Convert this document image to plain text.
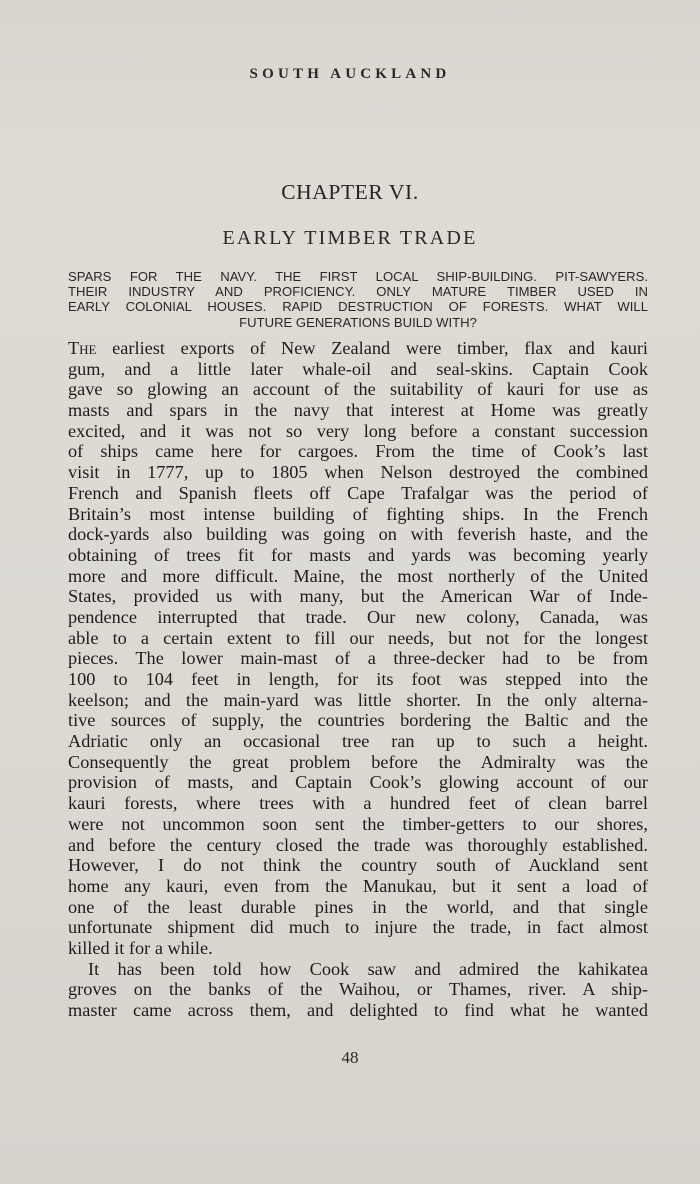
SOUTH AUCKLAND
CHAPTER VI.
EARLY TIMBER TRADE
SPARS FOR THE NAVY. THE FIRST LOCAL SHIP-BUILDING. PIT-SAWYERS.
THEIR INDUSTRY AND PROFICIENCY. ONLY MATURE TIMBER USED IN
EARLY COLONIAL HOUSES. RAPID DESTRUCTION OF FORESTS. WHAT WILL
FUTURE GENERATIONS BUILD WITH?
The earliest exports of New Zealand were timber, flax and kauri
gum, and a little later whale-oil and seal-skins. Captain Cook
gave so glowing an account of the suitability of kauri for use as
masts and spars in the navy that interest at Home was greatly
excited, and it was not so very long before a constant succession
of ships came here for cargoes. From the time of Cook’s last
visit in 1777, up to 1805 when Nelson destroyed the combined
French and Spanish fleets off Cape Trafalgar was the period of
Britain’s most intense building of fighting ships. In the French
dock-yards also building was going on with feverish haste, and the
obtaining of trees fit for masts and yards was becoming yearly
more and more difficult. Maine, the most northerly of the United
States, provided us with many, but the American War of Inde-
pendence interrupted that trade. Our new colony, Canada, was
able to a certain extent to fill our needs, but not for the longest
pieces. The lower main-mast of a three-decker had to be from
100 to 104 feet in length, for its foot was stepped into the
keelson; and the main-yard was little shorter. In the only alterna-
tive sources of supply, the countries bordering the Baltic and the
Adriatic only an occasional tree ran up to such a height.
Consequently the great problem before the Admiralty was the
provision of masts, and Captain Cook’s glowing account of our
kauri forests, where trees with a hundred feet of clean barrel
were not uncommon soon sent the timber-getters to our shores,
and before the century closed the trade was thoroughly established.
However, I do not think the country south of Auckland sent
home any kauri, even from the Manukau, but it sent a load of
one of the least durable pines in the world, and that single
unfortunate shipment did much to injure the trade, in fact almost
killed it for a while.
It has been told how Cook saw and admired the kahikatea
groves on the banks of the Waihou, or Thames, river. A ship-
master came across them, and delighted to find what he wanted
48
